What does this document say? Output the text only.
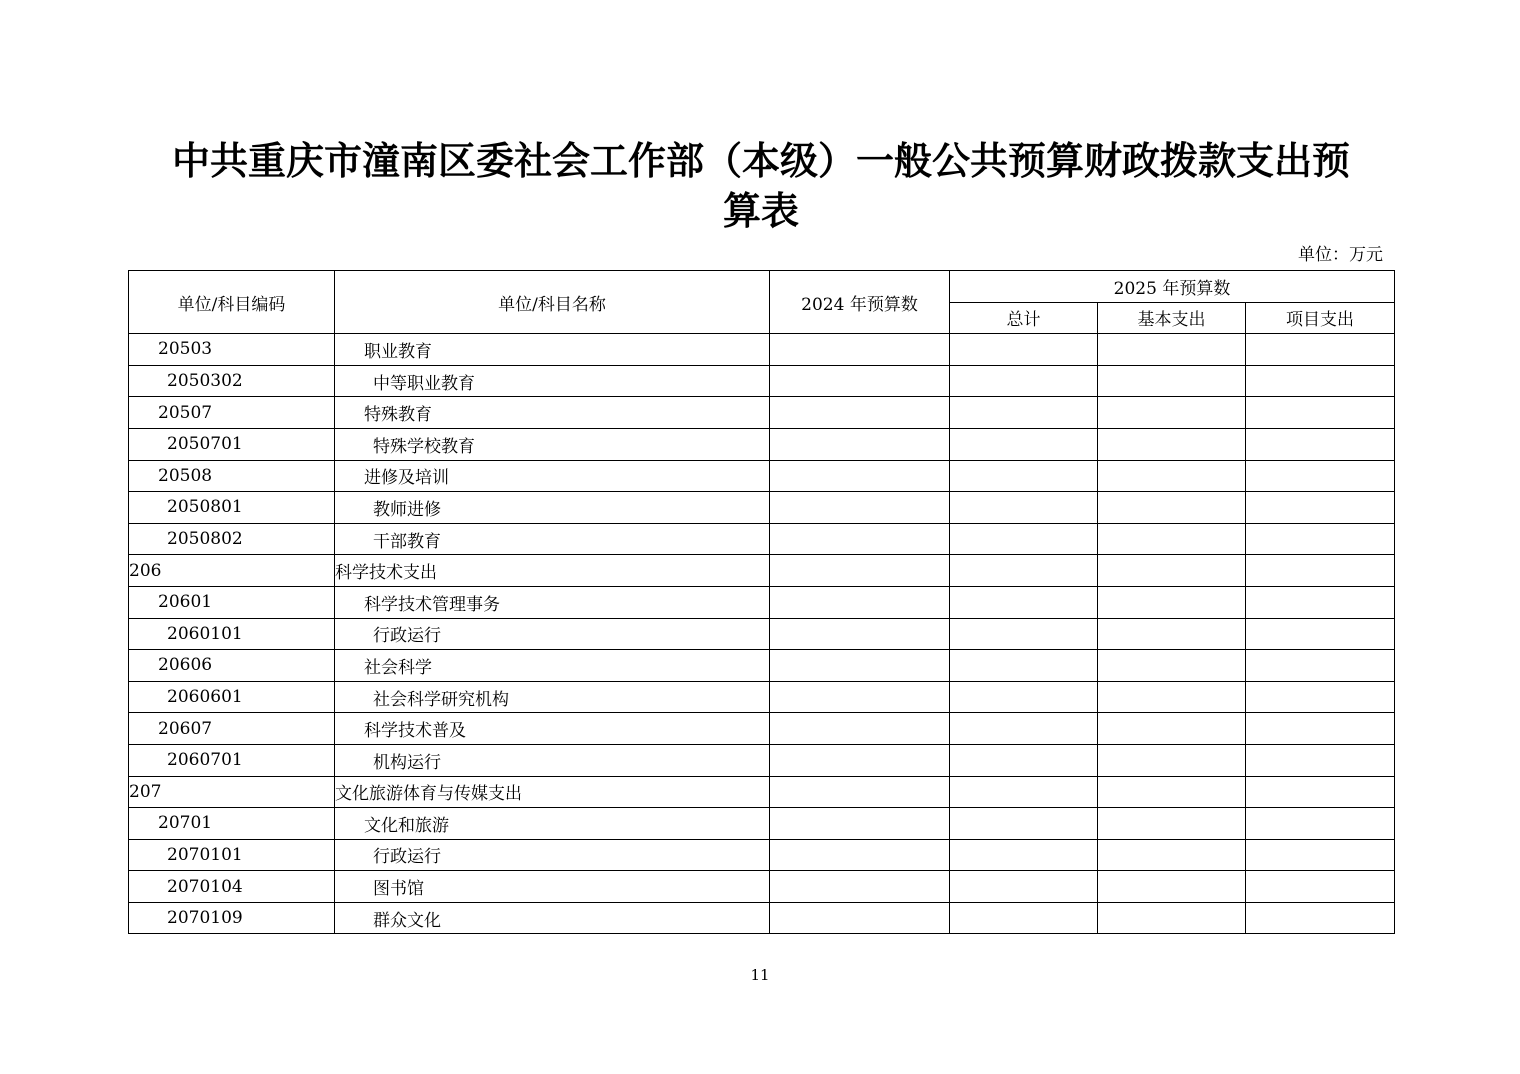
中共重庆市潼南区委社会工作部（本级）一般公共预算财政拨款支出预
算表
单位：万元
单位/科目编码	单位/科目名称	2024 年预算数	2025 年预算数		
			总计	基本支出	项目支出
20503	职业教育				
2050302	中等职业教育				
20507	特殊教育				
2050701	特殊学校教育				
20508	进修及培训				
2050801	教师进修				
2050802	干部教育				
206	科学技术支出				
20601	科学技术管理事务				
2060101	行政运行				
20606	社会科学				
2060601	社会科学研究机构				
20607	科学技术普及				
2060701	机构运行				
207	文化旅游体育与传媒支出				
20701	文化和旅游				
2070101	行政运行				
2070104	图书馆				
2070109	群众文化				
11
